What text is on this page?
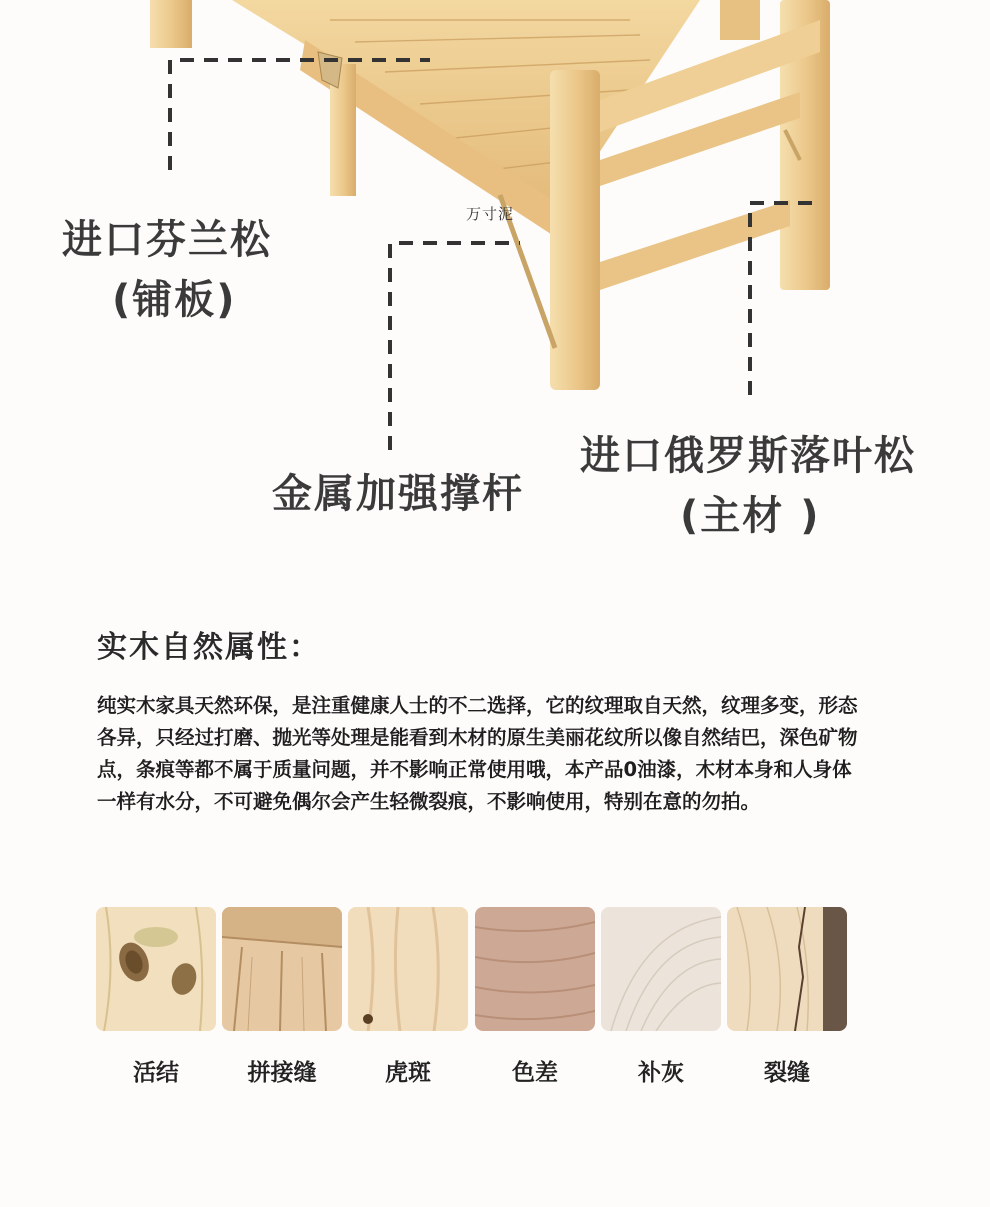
进口芬兰松
(铺板)
万寸泥
金属加强撑杆
进口俄罗斯落叶松
(主材 )
实木自然属性：

纯实木家具天然环保，是注重健康人士的不二选择，它的纹理取自天然，纹理多变，形态各异，只经过打磨、抛光等处理是能看到木材的原生美丽花纹所以像自然结巴，深色矿物点，条痕等都不属于质量问题，并不影响正常使用哦，本产品0油漆，木材本身和人身体一样有水分，不可避免偶尔会产生轻微裂痕，不影响使用，特别在意的勿拍。

活结	拼接缝	虎斑	色差	补灰	裂缝
